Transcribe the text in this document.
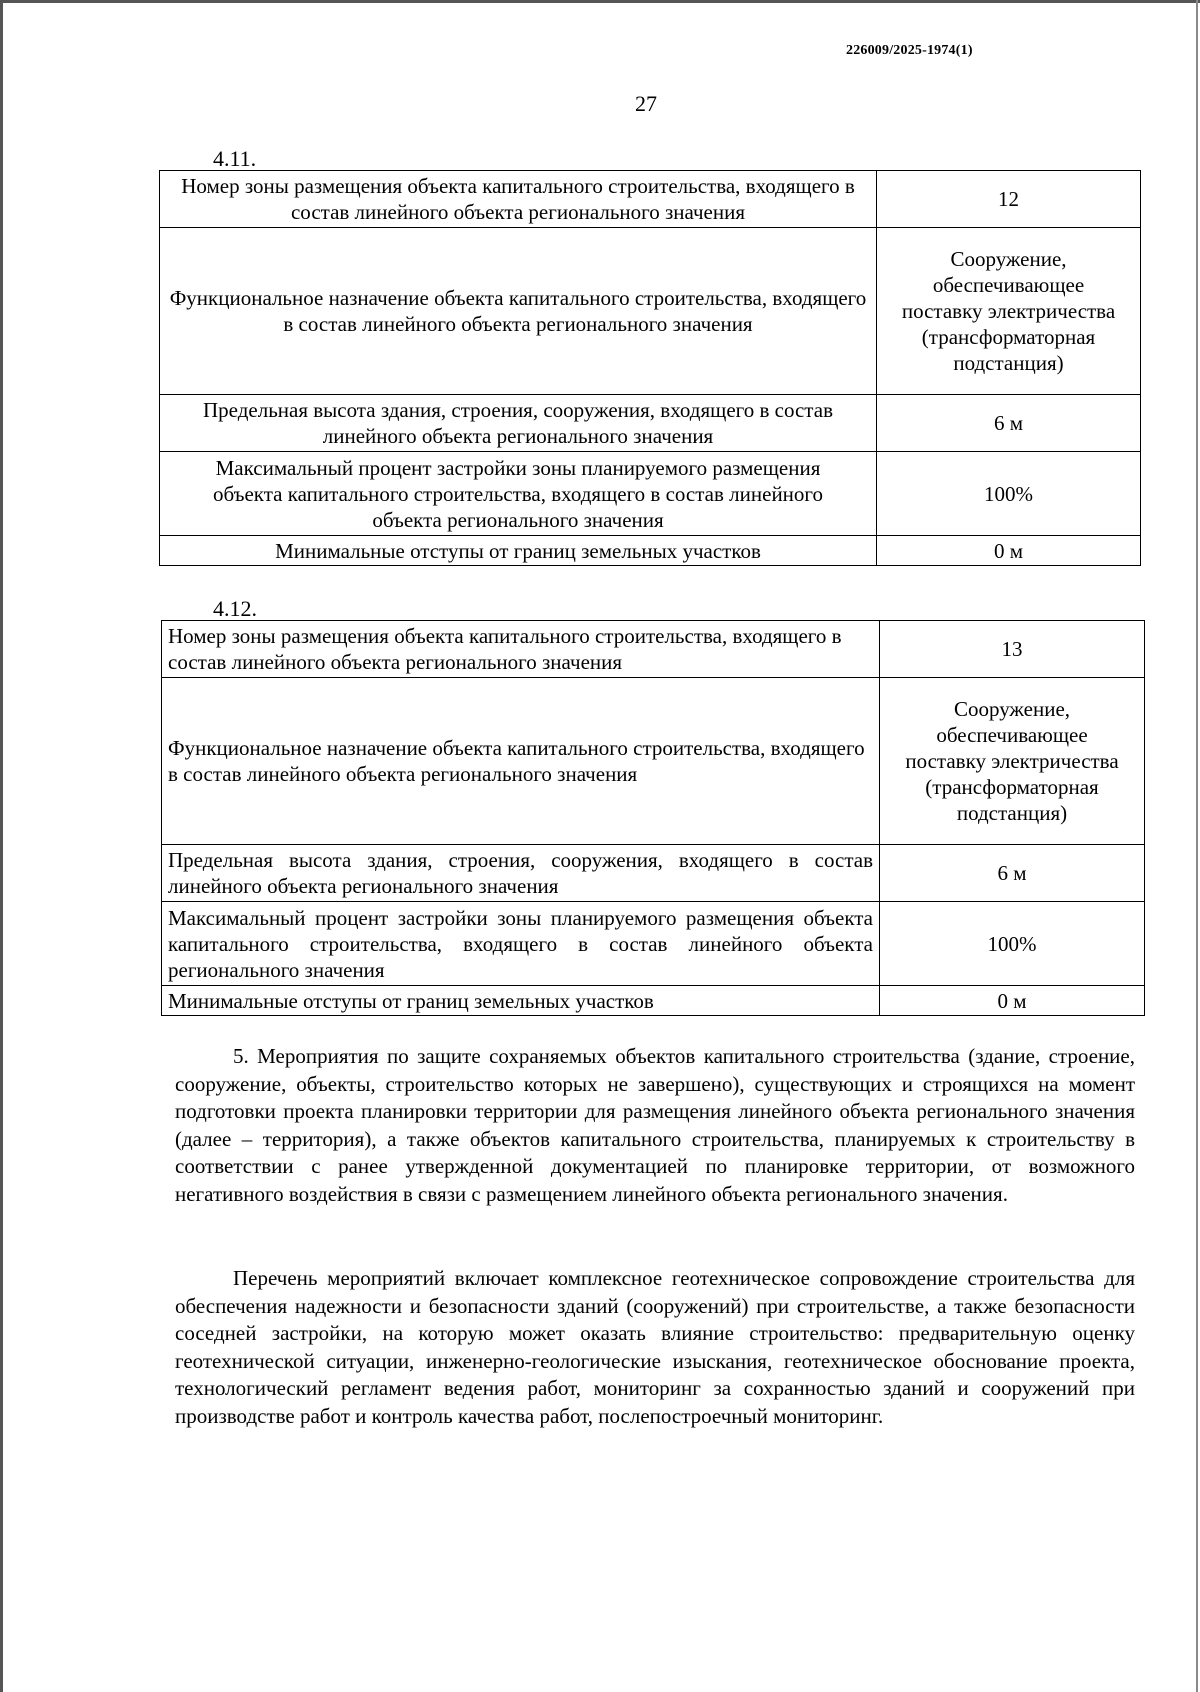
226009/2025-1974(1)
27
4.11.
Номер зоны размещения объекта капитального строительства, входящего в состав линейного объекта регионального значения	12
Функциональное назначение объекта капитального строительства, входящего в состав линейного объекта регионального значения	Сооружение, обеспечивающее поставку электричества (трансформаторная подстанция)
Предельная высота здания, строения, сооружения, входящего в состав линейного объекта регионального значения	6 м
Максимальный процент застройки зоны планируемого размещения объекта капитального строительства, входящего в состав линейного объекта регионального значения	100%
Минимальные отступы от границ земельных участков	0 м
4.12.
Номер зоны размещения объекта капитального строительства, входящего в состав линейного объекта регионального значения	13
Функциональное назначение объекта капитального строительства, входящего в состав линейного объекта регионального значения	Сооружение, обеспечивающее поставку электричества (трансформаторная подстанция)
Предельная высота здания, строения, сооружения, входящего в состав линейного объекта регионального значения	6 м
Максимальный процент застройки зоны планируемого размещения объекта капитального строительства, входящего в состав линейного объекта регионального значения	100%
Минимальные отступы от границ земельных участков	0 м

5. Мероприятия по защите сохраняемых объектов капитального строительства (здание, строение, сооружение, объекты, строительство которых не завершено), существующих и строящихся на момент подготовки проекта планировки территории для размещения линейного объекта регионального значения (далее – территория), а также объектов капитального строительства, планируемых к строительству в соответствии с ранее утвержденной документацией по планировке территории, от возможного негативного воздействия в связи с размещением линейного объекта регионального значения.

Перечень мероприятий включает комплексное геотехническое сопровождение строительства для обеспечения надежности и безопасности зданий (сооружений) при строительстве, а также безопасности соседней застройки, на которую может оказать влияние строительство: предварительную оценку геотехнической ситуации, инженерно-геологические изыскания, геотехническое обоснование проекта, технологический регламент ведения работ, мониторинг за сохранностью зданий и сооружений при производстве работ и контроль качества работ, послепостроечный мониторинг.
